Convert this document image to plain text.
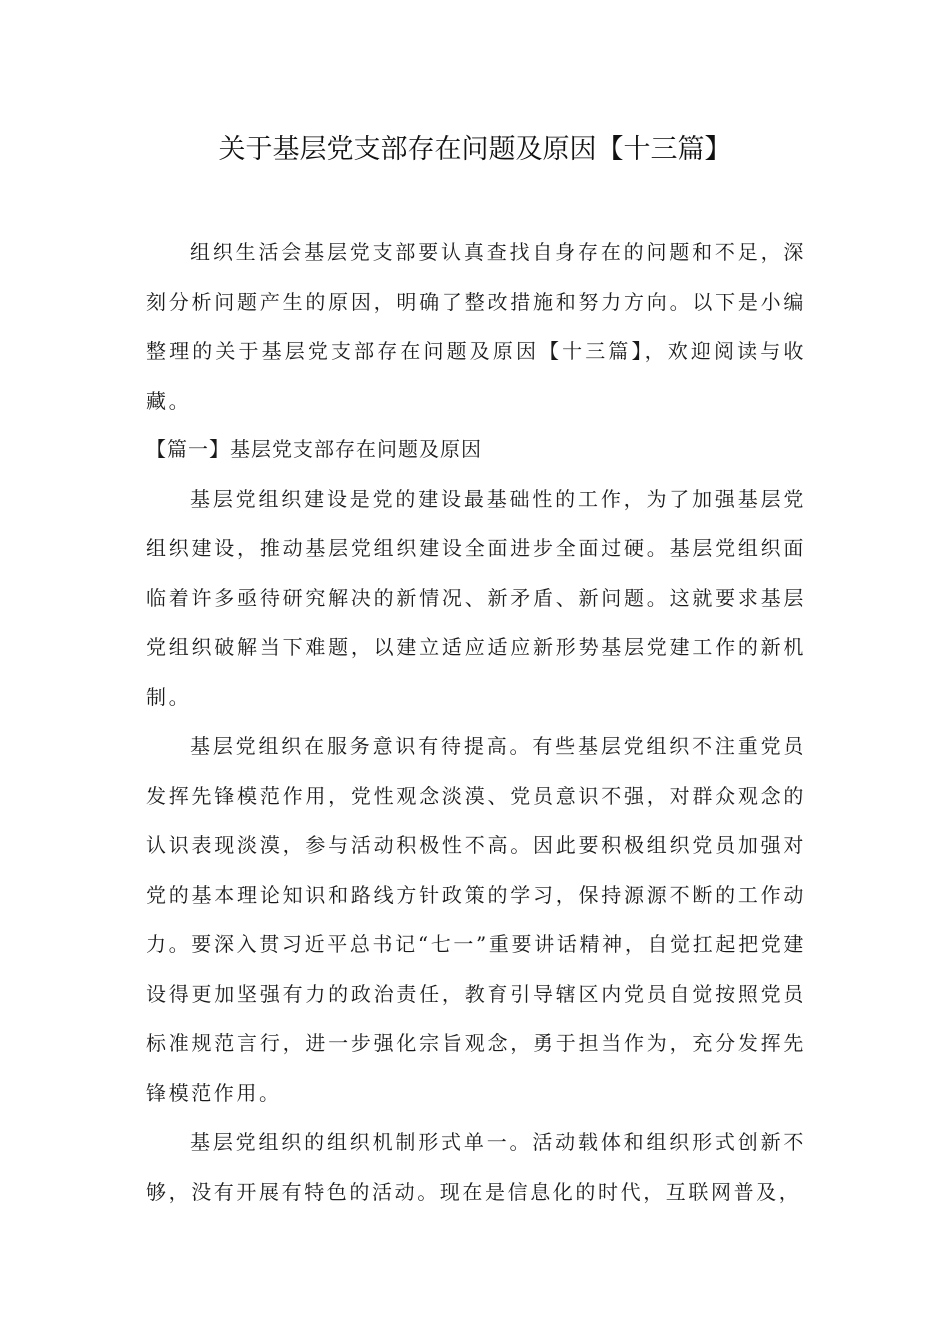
关于基层党支部存在问题及原因【十三篇】

组织生活会基层党支部要认真查找自身存在的问题和不足，深刻分析问题产生的原因，明确了整改措施和努力方向。以下是小编整理的关于基层党支部存在问题及原因【十三篇】，欢迎阅读与收藏。

【篇一】基层党支部存在问题及原因

基层党组织建设是党的建设最基础性的工作，为了加强基层党组织建设，推动基层党组织建设全面进步全面过硬。基层党组织面临着许多亟待研究解决的新情况、新矛盾、新问题。这就要求基层党组织破解当下难题，以建立适应适应新形势基层党建工作的新机制。

基层党组织在服务意识有待提高。有些基层党组织不注重党员发挥先锋模范作用，党性观念淡漠、党员意识不强，对群众观念的认识表现淡漠，参与活动积极性不高。因此要积极组织党员加强对党的基本理论知识和路线方针政策的学习，保持源源不断的工作动力。要深入贯习近平总书记“七一”重要讲话精神，自觉扛起把党建设得更加坚强有力的政治责任，教育引导辖区内党员自觉按照党员标准规范言行，进一步强化宗旨观念，勇于担当作为，充分发挥先锋模范作用。

基层党组织的组织机制形式单一。活动载体和组织形式创新不够，没有开展有特色的活动。现在是信息化的时代，互联网普及，
